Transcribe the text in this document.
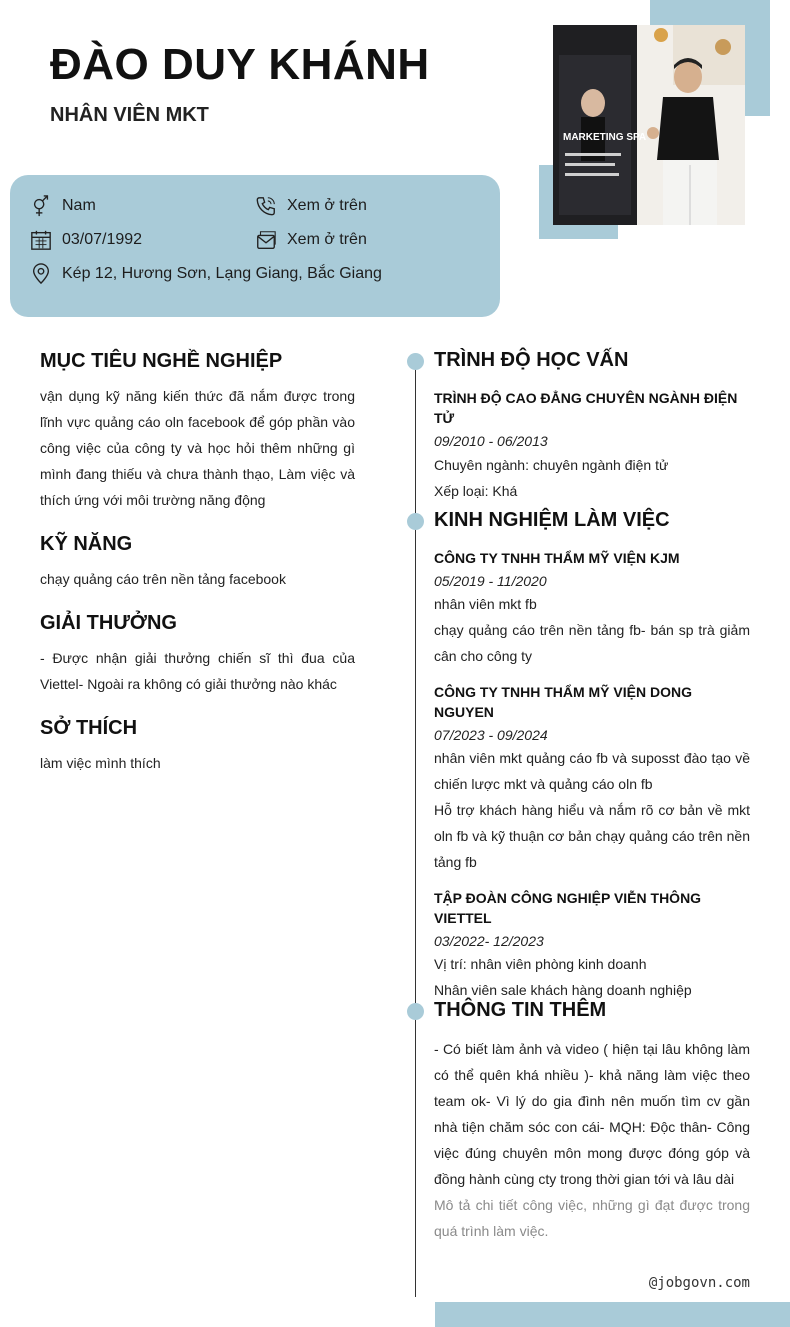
ĐÀO DUY KHÁNH
NHÂN VIÊN MKT
MARKETING SPA
Nam
03/07/1992
Kép 12, Hương Sơn, Lạng Giang, Bắc Giang
Xem ở trên
Xem ở trên
MỤC TIÊU NGHỀ NGHIỆP

vận dụng kỹ năng kiến thức đã nắm được trong lĩnh vực quảng cáo oln facebook để góp phần vào công việc của công ty và học hỏi thêm những gì mình đang thiếu và chưa thành thạo, Làm việc và thích ứng với môi trường năng động

KỸ NĂNG

chạy quảng cáo trên nền tảng facebook

GIẢI THƯỞNG

- Được nhận giải thưởng chiến sĩ thì đua của Viettel- Ngoài ra không có giải thưởng nào khác

SỞ THÍCH

làm việc mình thích

TRÌNH ĐỘ HỌC VẤN

TRÌNH ĐỘ CAO ĐẲNG CHUYÊN NGÀNH ĐIỆN TỬ

09/2010 - 06/2013

Chuyên ngành: chuyên ngành điện tử

Xếp loại: Khá

KINH NGHIỆM LÀM VIỆC

CÔNG TY TNHH THẨM MỸ VIỆN KJM

05/2019 - 11/2020

nhân viên mkt fb

chạy quảng cáo trên nền tảng fb- bán sp trà giảm cân cho công ty

CÔNG TY TNHH THẨM MỸ VIỆN DONG NGUYEN

07/2023 - 09/2024

nhân viên mkt quảng cáo fb và suposst đào tạo về chiến lược mkt và quảng cáo oln fb

Hỗ trợ khách hàng hiểu và nắm rõ cơ bản về mkt oln fb và kỹ thuận cơ bản chạy quảng cáo trên nền tảng fb

TẬP ĐOÀN CÔNG NGHIỆP VIỄN THÔNG VIETTEL

03/2022- 12/2023

Vị trí: nhân viên phòng kinh doanh

Nhân viên sale khách hàng doanh nghiệp

THÔNG TIN THÊM

- Có biết làm ảnh và video ( hiện tại lâu không làm có thể quên khá nhiều )- khả năng làm việc theo team ok- Vì lý do gia đình nên muốn tìm cv gần nhà tiện chăm sóc con cái- MQH: Độc thân- Công việc đúng chuyên môn mong được đóng góp và đồng hành cùng cty trong thời gian tới và lâu dài

Mô tả chi tiết công việc, những gì đạt được trong quá trình làm việc.

@jobgovn.com
